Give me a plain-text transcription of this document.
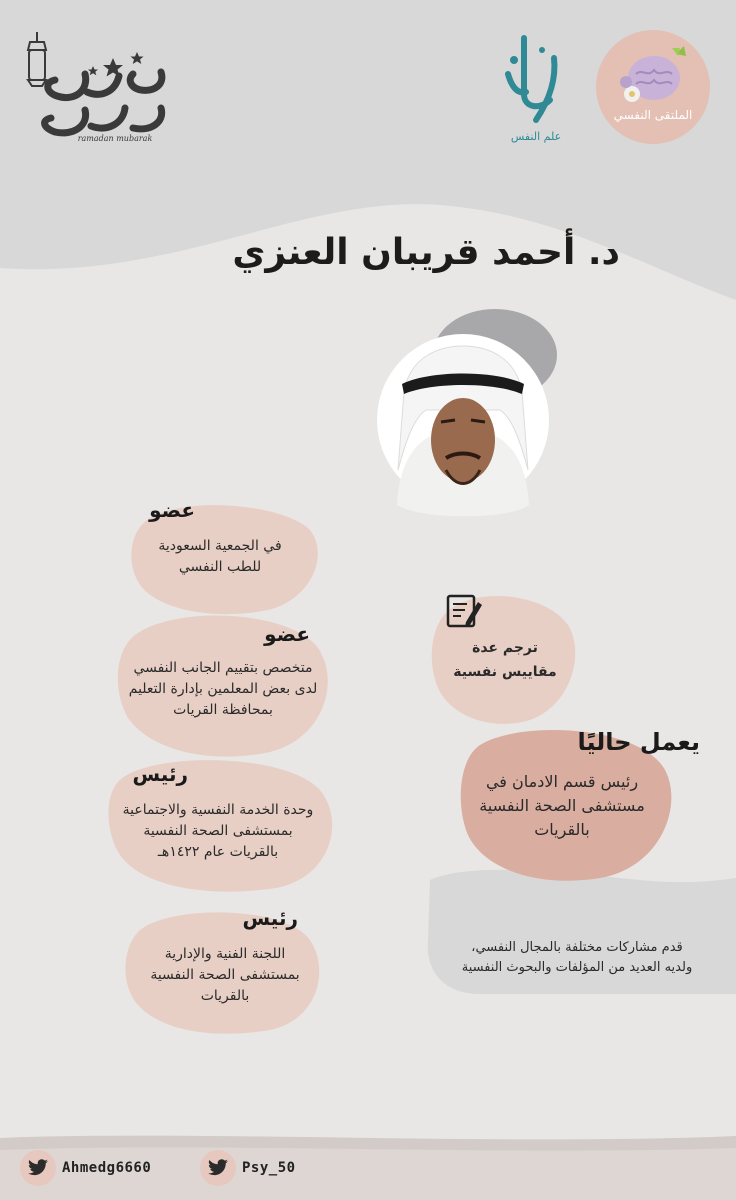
ramadan mubarak	علم النفس
الملتقى النفسي
د. أحمد قريبان العنزي
عضو
في الجمعية السعودية
للطب النفسي
عضو
متخصص بتقييم الجانب النفسي
لدى بعض المعلمين بإدارة التعليم
بمحافظة القريات
رئيس
وحدة الخدمة النفسية والاجتماعية
بمستشفى الصحة النفسية
بالقريات عام ١٤٢٢هـ
رئيس
اللجنة الفنية والإدارية
بمستشفى الصحة النفسية
بالقريات
ترجم عدة
مقاييس نفسية
يعمل حاليًا
رئيس قسم الادمان في
مستشفى الصحة النفسية
بالقريات
قدم مشاركات مختلفة بالمجال النفسي،
ولديه العديد من المؤلفات والبحوث النفسية
Ahmedg6660	Psy_50
